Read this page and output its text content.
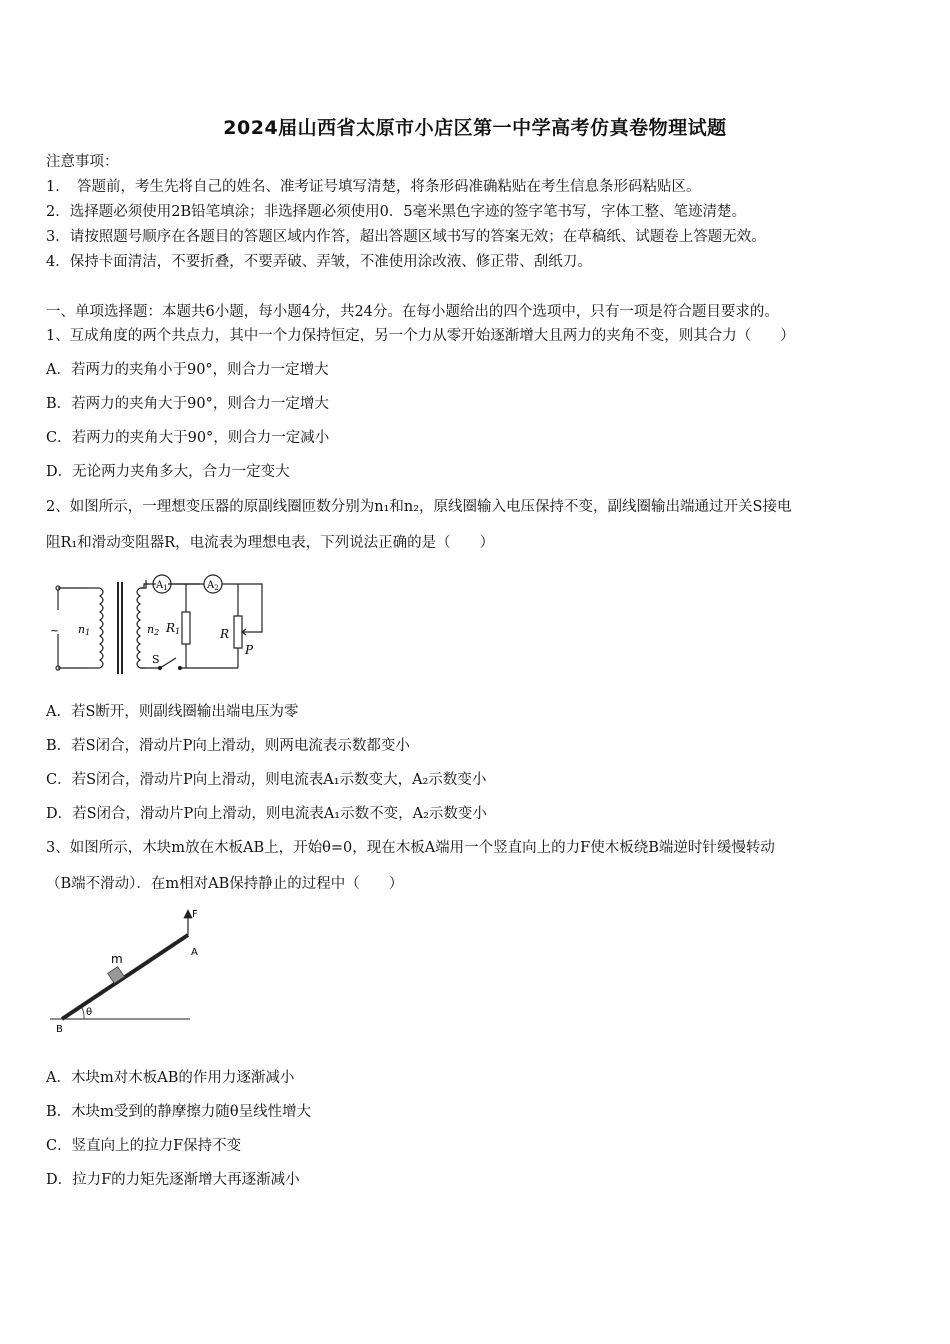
2024届山西省太原市小店区第一中学高考仿真卷物理试题
注意事项：
1．　答题前，考生先将自己的姓名、准考证号填写清楚，将条形码准确粘贴在考生信息条形码粘贴区。
2．选择题必须使用2B铅笔填涂；非选择题必须使用0．5毫米黑色字迹的签字笔书写，字体工整、笔迹清楚。
3．请按照题号顺序在各题目的答题区域内作答，超出答题区域书写的答案无效；在草稿纸、试题卷上答题无效。
4．保持卡面清洁，不要折叠，不要弄破、弄皱，不准使用涂改液、修正带、刮纸刀。
一、单项选择题：本题共6小题，每小题4分，共24分。在每小题给出的四个选项中，只有一项是符合题目要求的。
1、互成角度的两个共点力，其中一个力保持恒定，另一个力从零开始逐渐增大且两力的夹角不变，则其合力（　　）
A．若两力的夹角小于90°，则合力一定增大
B．若两力的夹角大于90°，则合力一定增大
C．若两力的夹角大于90°，则合力一定减小
D．无论两力夹角多大，合力一定变大
2、如图所示，一理想变压器的原副线圈匝数分别为n₁和n₂，原线圈输入电压保持不变，副线圈输出端通过开关S接电
阻R₁和滑动变阻器R，电流表为理想电表，下列说法正确的是（　　）
~ n1	n2
$A_1$	$A_2$
R1	R
P
S
A．若S断开，则副线圈输出端电压为零
B．若S闭合，滑动片P向上滑动，则两电流表示数都变小
C．若S闭合，滑动片P向上滑动，则电流表A₁示数变大，A₂示数变小
D．若S闭合，滑动片P向上滑动，则电流表A₁示数不变，A₂示数变小
3、如图所示，木块m放在木板AB上，开始θ=0，现在木板A端用一个竖直向上的力F使木板绕B端逆时针缓慢转动
（B端不滑动）．在m相对AB保持静止的过程中（　　）
F
A
B
m
θ
A．木块m对木板AB的作用力逐渐减小
B．木块m受到的静摩擦力随θ呈线性增大
C．竖直向上的拉力F保持不变
D．拉力F的力矩先逐渐增大再逐渐减小
